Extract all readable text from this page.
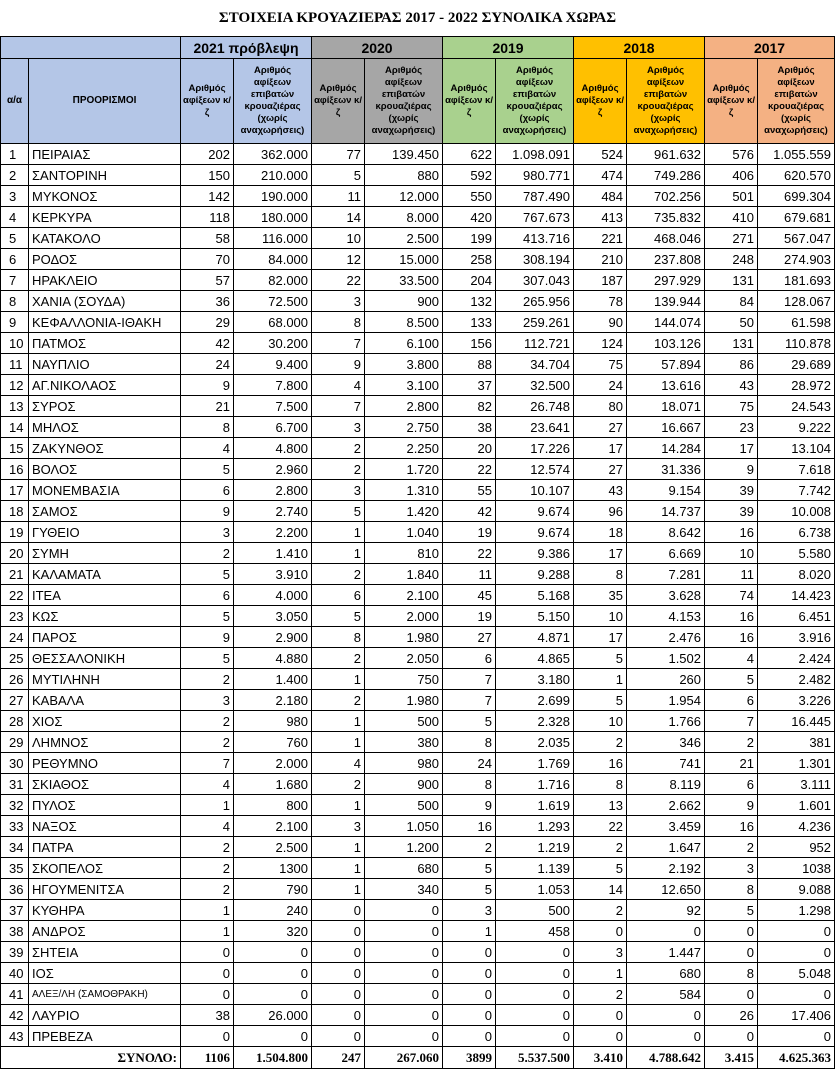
ΣΤΟΙΧΕΙΑ ΚΡΟΥΑΖΙΕΡΑΣ 2017 - 2022 ΣΥΝΟΛΙΚΑ ΧΩΡΑΣ
		2021 πρόβλεψη		2020		2019		2018		2017	
α/α	ΠΡΟΟΡΙΣΜΟΙ	Αριθμός αφίξεων κ/ζ	Αριθμός αφίξεων επιβατών κρουαζιέρας (χωρίς αναχωρήσεις)	Αριθμός αφίξεων κ/ζ	Αριθμός αφίξεων επιβατών κρουαζιέρας (χωρίς αναχωρήσεις)	Αριθμός αφίξεων κ/ζ	Αριθμός αφίξεων επιβατών κρουαζιέρας (χωρίς αναχωρήσεις)	Αριθμός αφίξεων κ/ζ	Αριθμός αφίξεων επιβατών κρουαζιέρας (χωρίς αναχωρήσεις)	Αριθμός αφίξεων κ/ζ	Αριθμός αφίξεων επιβατών κρουαζιέρας (χωρίς αναχωρήσεις)
1	ΠΕΙΡΑΙΑΣ	202	362.000	77	139.450	622	1.098.091	524	961.632	576	1.055.559
2	ΣΑΝΤΟΡΙΝΗ	150	210.000	5	880	592	980.771	474	749.286	406	620.570
3	ΜΥΚΟΝΟΣ	142	190.000	11	12.000	550	787.490	484	702.256	501	699.304
4	ΚΕΡΚΥΡΑ	118	180.000	14	8.000	420	767.673	413	735.832	410	679.681
5	ΚΑΤΑΚΟΛΟ	58	116.000	10	2.500	199	413.716	221	468.046	271	567.047
6	ΡΟΔΟΣ	70	84.000	12	15.000	258	308.194	210	237.808	248	274.903
7	ΗΡΑΚΛΕΙΟ	57	82.000	22	33.500	204	307.043	187	297.929	131	181.693
8	ΧΑΝΙΑ (ΣΟΥΔΑ)	36	72.500	3	900	132	265.956	78	139.944	84	128.067
9	ΚΕΦΑΛΛΟΝΙΑ-ΙΘΑΚΗ	29	68.000	8	8.500	133	259.261	90	144.074	50	61.598
10	ΠΑΤΜΟΣ	42	30.200	7	6.100	156	112.721	124	103.126	131	110.878
11	ΝΑΥΠΛΙΟ	24	9.400	9	3.800	88	34.704	75	57.894	86	29.689
12	ΑΓ.ΝΙΚΟΛΑΟΣ	9	7.800	4	3.100	37	32.500	24	13.616	43	28.972
13	ΣΥΡΟΣ	21	7.500	7	2.800	82	26.748	80	18.071	75	24.543
14	ΜΗΛΟΣ	8	6.700	3	2.750	38	23.641	27	16.667	23	9.222
15	ΖΑΚΥΝΘΟΣ	4	4.800	2	2.250	20	17.226	17	14.284	17	13.104
16	ΒΟΛΟΣ	5	2.960	2	1.720	22	12.574	27	31.336	9	7.618
17	ΜΟΝΕΜΒΑΣΙΑ	6	2.800	3	1.310	55	10.107	43	9.154	39	7.742
18	ΣΑΜΟΣ	9	2.740	5	1.420	42	9.674	96	14.737	39	10.008
19	ΓΥΘΕΙΟ	3	2.200	1	1.040	19	9.674	18	8.642	16	6.738
20	ΣΥΜΗ	2	1.410	1	810	22	9.386	17	6.669	10	5.580
21	ΚΑΛΑΜΑΤΑ	5	3.910	2	1.840	11	9.288	8	7.281	11	8.020
22	ΙΤΕΑ	6	4.000	6	2.100	45	5.168	35	3.628	74	14.423
23	ΚΩΣ	5	3.050	5	2.000	19	5.150	10	4.153	16	6.451
24	ΠΑΡΟΣ	9	2.900	8	1.980	27	4.871	17	2.476	16	3.916
25	ΘΕΣΣΑΛΟΝΙΚΗ	5	4.880	2	2.050	6	4.865	5	1.502	4	2.424
26	ΜΥΤΙΛΗΝΗ	2	1.400	1	750	7	3.180	1	260	5	2.482
27	ΚΑΒΑΛΑ	3	2.180	2	1.980	7	2.699	5	1.954	6	3.226
28	ΧΙΟΣ	2	980	1	500	5	2.328	10	1.766	7	16.445
29	ΛΗΜΝΟΣ	2	760	1	380	8	2.035	2	346	2	381
30	ΡΕΘΥΜΝΟ	7	2.000	4	980	24	1.769	16	741	21	1.301
31	ΣΚΙΑΘΟΣ	4	1.680	2	900	8	1.716	8	8.119	6	3.111
32	ΠΥΛΟΣ	1	800	1	500	9	1.619	13	2.662	9	1.601
33	ΝΑΞΟΣ	4	2.100	3	1.050	16	1.293	22	3.459	16	4.236
34	ΠΑΤΡΑ	2	2.500	1	1.200	2	1.219	2	1.647	2	952
35	ΣΚΟΠΕΛΟΣ	2	1300	1	680	5	1.139	5	2.192	3	1038
36	ΗΓΟΥΜΕΝΙΤΣΑ	2	790	1	340	5	1.053	14	12.650	8	9.088
37	ΚΥΘΗΡΑ	1	240	0	0	3	500	2	92	5	1.298
38	ΑΝΔΡΟΣ	1	320	0	0	1	458	0	0	0	0
39	ΣΗΤΕΙΑ	0	0	0	0	0	0	3	1.447	0	0
40	ΙΟΣ	0	0	0	0	0	0	1	680	8	5.048
41	ΑΛΕΞ/ΛΗ (ΣΑΜΟΘΡΑΚΗ)	0	0	0	0	0	0	2	584	0	0
42	ΛΑΥΡΙΟ	38	26.000	0	0	0	0	0	0	26	17.406
43	ΠΡΕΒΕΖΑ	0	0	0	0	0	0	0	0	0	0
ΣΥΝΟΛΟ:		1106	1.504.800	247	267.060	3899	5.537.500	3.410	4.788.642	3.415	4.625.363
